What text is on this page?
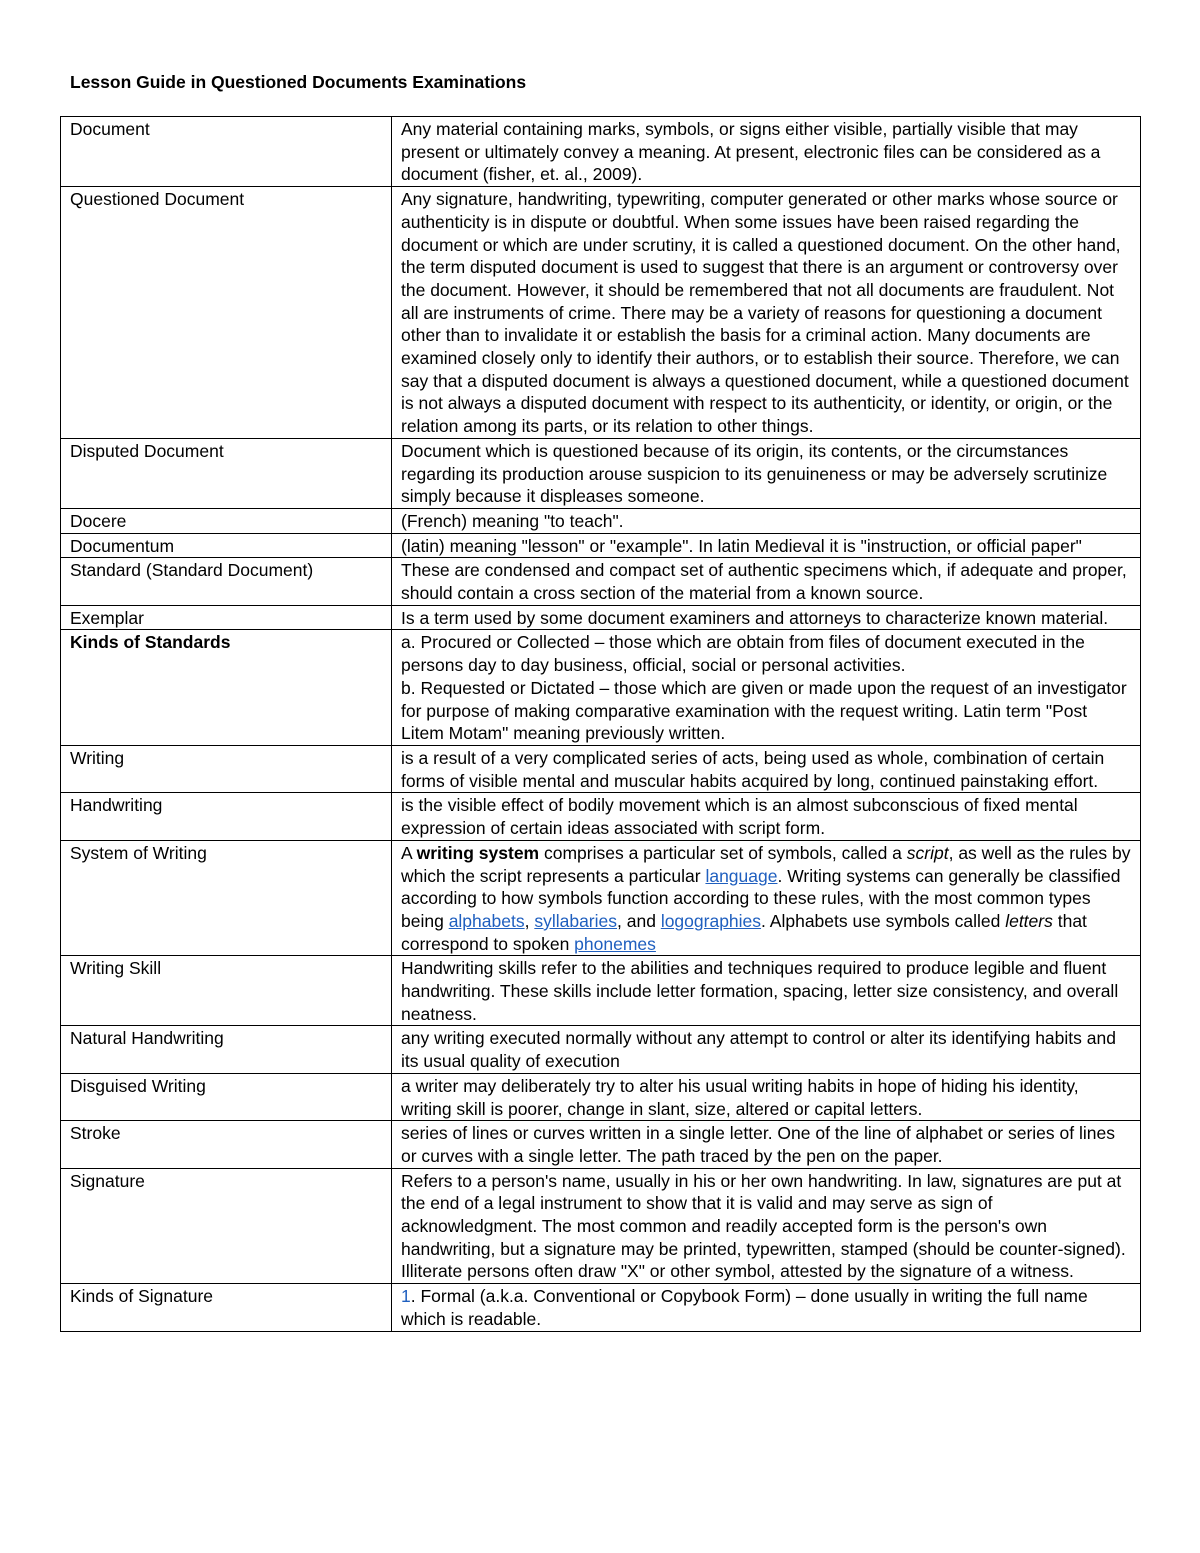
Lesson Guide in Questioned Documents Examinations
Document	Any material containing marks, symbols, or signs either visible, partially visible that may present or ultimately convey a meaning. At present, electronic files can be considered as a document (fisher, et. al., 2009).
Questioned Document	Any signature, handwriting, typewriting, computer generated or other marks whose source or authenticity is in dispute or doubtful. When some issues have been raised regarding the document or which are under scrutiny, it is called a questioned document. On the other hand, the term disputed document is used to suggest that there is an argument or controversy over the document. However, it should be remembered that not all documents are fraudulent. Not all are instruments of crime. There may be a variety of reasons for questioning a document other than to invalidate it or establish the basis for a criminal action. Many documents are examined closely only to identify their authors, or to establish their source. Therefore, we can say that a disputed document is always a questioned document, while a questioned document is not always a disputed document with respect to its authenticity, or identity, or origin, or the relation among its parts, or its relation to other things.
Disputed Document	Document which is questioned because of its origin, its contents, or the circumstances regarding its production arouse suspicion to its genuineness or may be adversely scrutinize simply because it displeases someone.
Docere	(French) meaning "to teach".
Documentum	(latin) meaning "lesson" or "example". In latin Medieval it is "instruction, or official paper"
Standard (Standard Document)	These are condensed and compact set of authentic specimens which, if adequate and proper, should contain a cross section of the material from a known source.
Exemplar	Is a term used by some document examiners and attorneys to characterize known material.
Kinds of Standards	a. Procured or Collected – those which are obtain from files of document executed in the persons day to day business, official, social or personal activities.
b. Requested or Dictated – those which are given or made upon the request of an investigator for purpose of making comparative examination with the request writing. Latin term "Post Litem Motam" meaning previously written.

Writing	is a result of a very complicated series of acts, being used as whole, combination of certain forms of visible mental and muscular habits acquired by long, continued painstaking effort.
Handwriting	is the visible effect of bodily movement which is an almost subconscious of fixed mental expression of certain ideas associated with script form.
System of Writing	A writing system comprises a particular set of symbols, called a script, as well as the rules by which the script represents a particular language. Writing systems can generally be classified according to how symbols function according to these rules, with the most common types being alphabets, syllabaries, and logographies. Alphabets use symbols called letters that correspond to spoken phonemes
Writing Skill	Handwriting skills refer to the abilities and techniques required to produce legible and fluent handwriting. These skills include letter formation, spacing, letter size consistency, and overall neatness.
Natural Handwriting	any writing executed normally without any attempt to control or alter its identifying habits and its usual quality of execution
Disguised Writing	a writer may deliberately try to alter his usual writing habits in hope of hiding his identity, writing skill is poorer, change in slant, size, altered or capital letters.
Stroke	series of lines or curves written in a single letter. One of the line of alphabet or series of lines or curves with a single letter. The path traced by the pen on the paper.
Signature	Refers to a person's name, usually in his or her own handwriting. In law, signatures are put at the end of a legal instrument to show that it is valid and may serve as sign of acknowledgment. The most common and readily accepted form is the person's own handwriting, but a signature may be printed, typewritten, stamped (should be counter-signed). Illiterate persons often draw "X" or other symbol, attested by the signature of a witness.
Kinds of Signature	1. Formal (a.k.a. Conventional or Copybook Form) – done usually in writing the full name which is readable.
